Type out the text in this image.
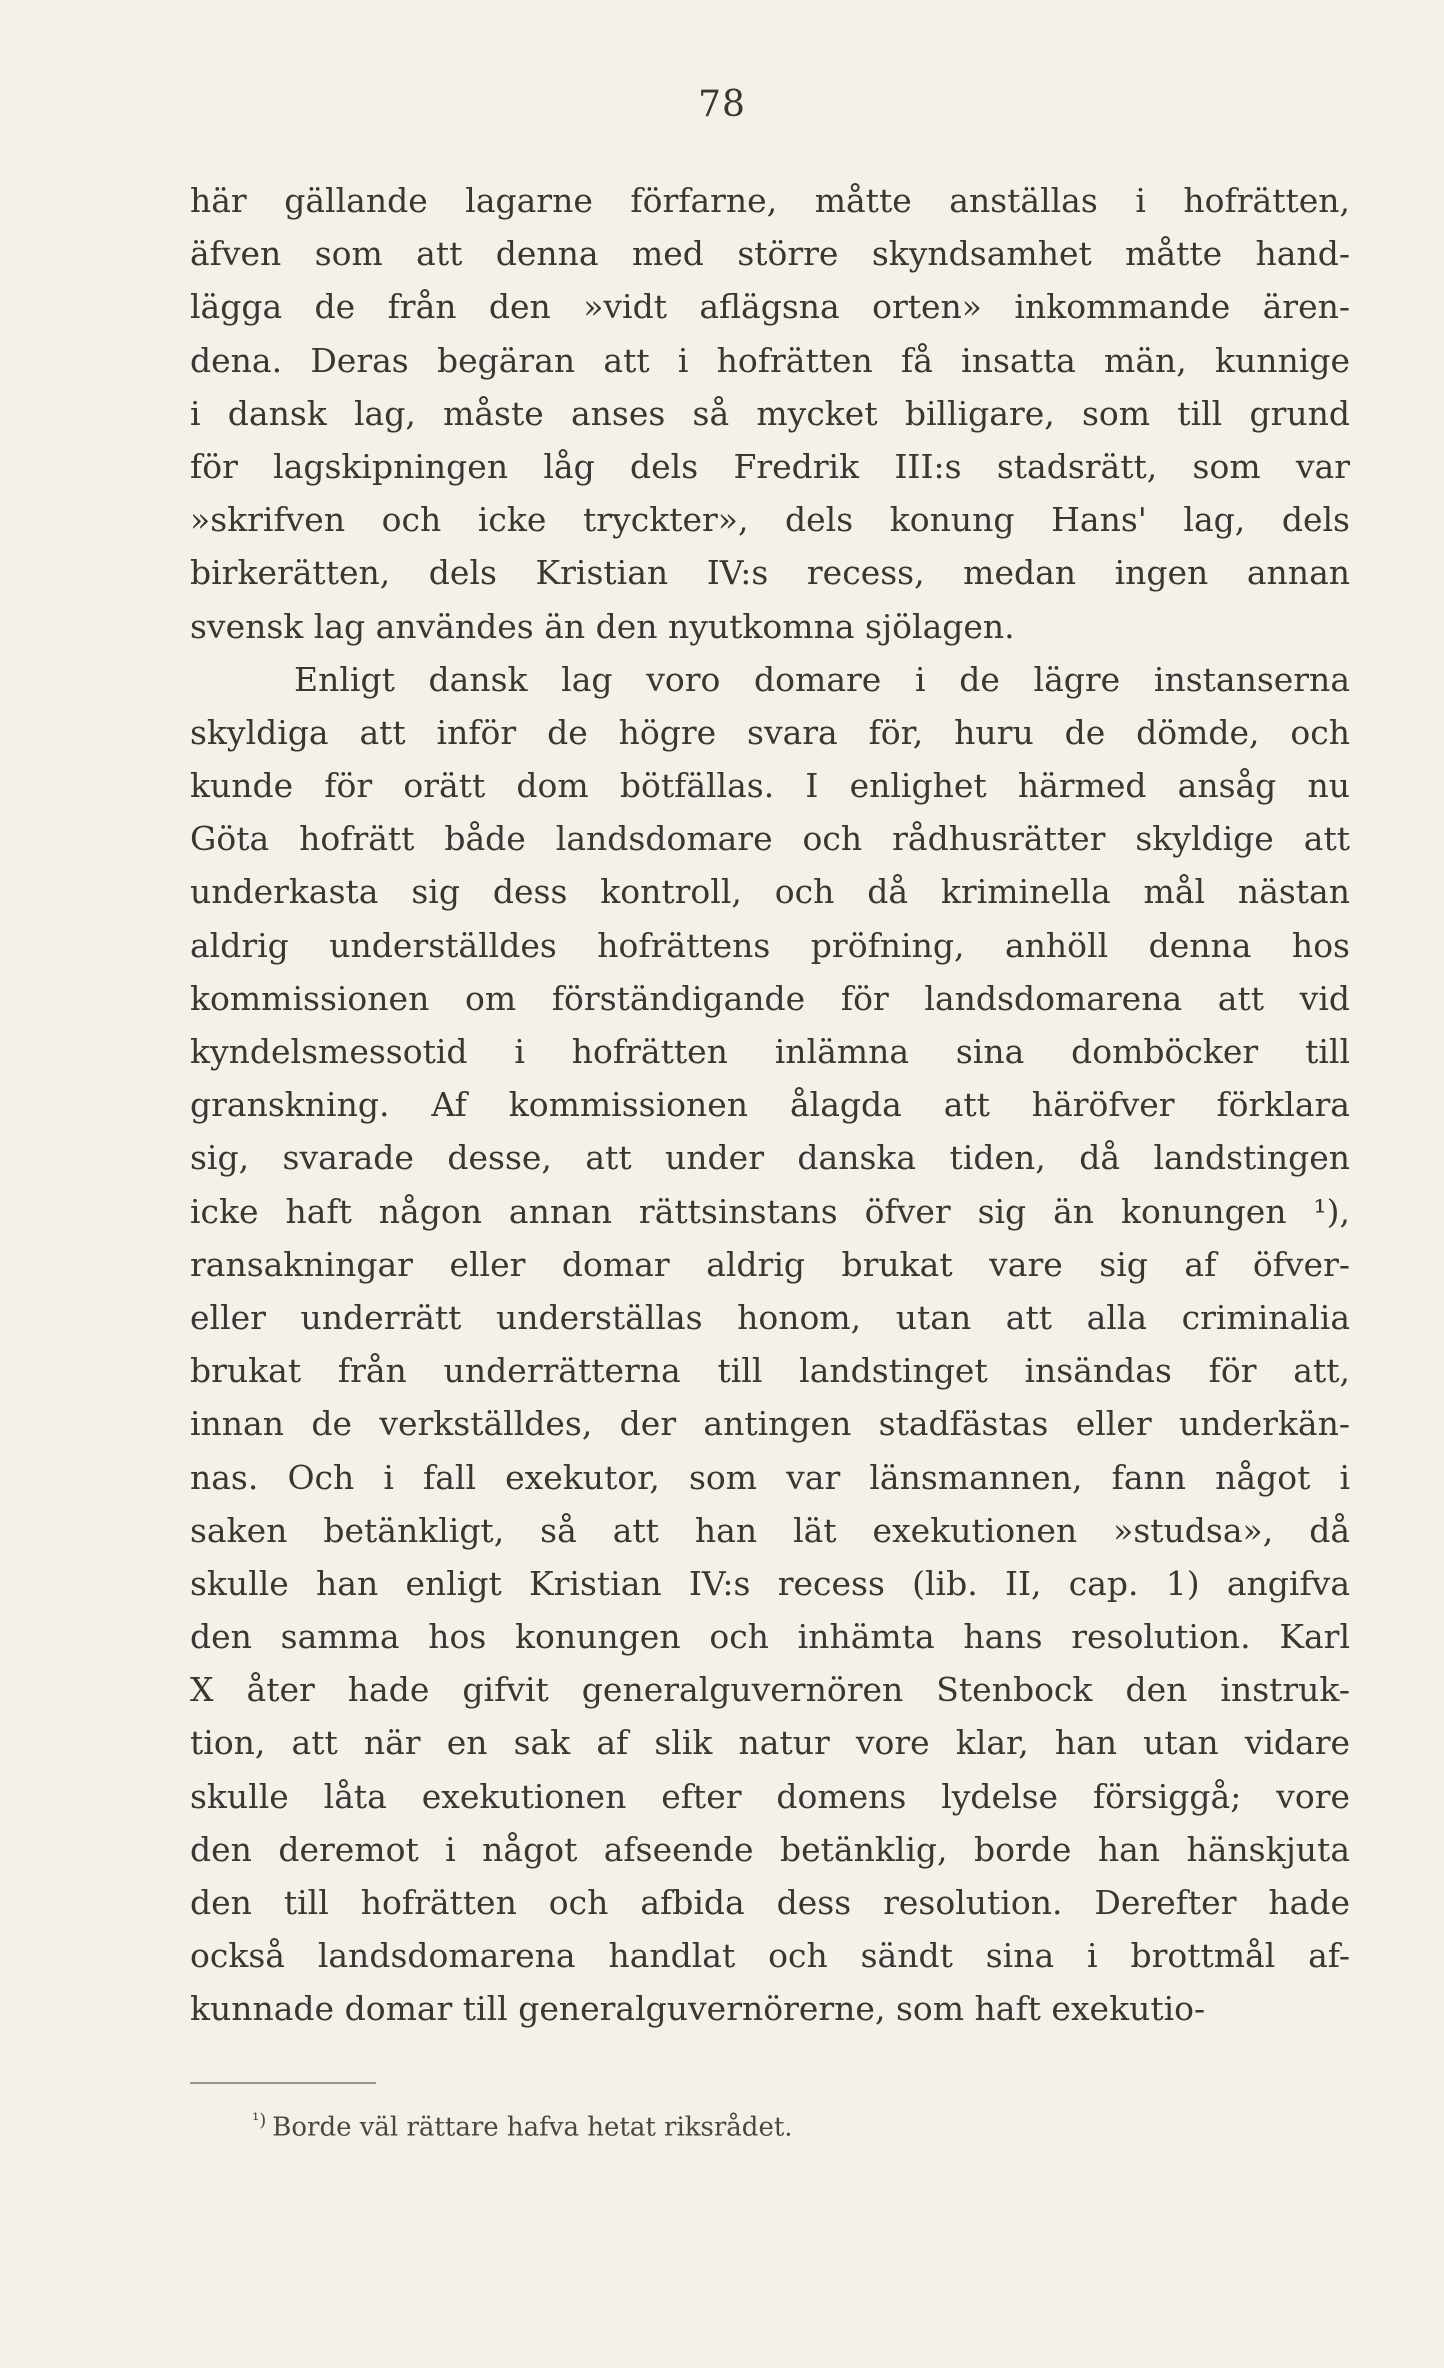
78
här gällande lagarne förfarne, måtte anställas i hofrätten,
äfven som att denna med större skyndsamhet måtte hand-
lägga de från den »vidt aflägsna orten» inkommande ären-
dena. Deras begäran att i hofrätten få insatta män, kunnige
i dansk lag, måste anses så mycket billigare, som till grund
för lagskipningen låg dels Fredrik III:s stadsrätt, som var
»skrifven och icke tryckter», dels konung Hans' lag, dels
birkerätten, dels Kristian IV:s recess, medan ingen annan
svensk lag användes än den nyutkomna sjölagen.
Enligt dansk lag voro domare i de lägre instanserna
skyldiga att inför de högre svara för, huru de dömde, och
kunde för orätt dom bötfällas. I enlighet härmed ansåg nu
Göta hofrätt både landsdomare och rådhusrätter skyldige att
underkasta sig dess kontroll, och då kriminella mål nästan
aldrig underställdes hofrättens pröfning, anhöll denna hos
kommissionen om förständigande för landsdomarena att vid
kyndelsmessotid i hofrätten inlämna sina domböcker till
granskning. Af kommissionen ålagda att häröfver förklara
sig, svarade desse, att under danska tiden, då landstingen
icke haft någon annan rättsinstans öfver sig än konungen ¹),
ransakningar eller domar aldrig brukat vare sig af öfver-
eller underrätt underställas honom, utan att alla criminalia
brukat från underrätterna till landstinget insändas för att,
innan de verkställdes, der antingen stadfästas eller underkän-
nas. Och i fall exekutor, som var länsmannen, fann något i
saken betänkligt, så att han lät exekutionen »studsa», då
skulle han enligt Kristian IV:s recess (lib. II, cap. 1) angifva
den samma hos konungen och inhämta hans resolution. Karl
X åter hade gifvit generalguvernören Stenbock den instruk-
tion, att när en sak af slik natur vore klar, han utan vidare
skulle låta exekutionen efter domens lydelse försiggå; vore
den deremot i något afseende betänklig, borde han hänskjuta
den till hofrätten och afbida dess resolution. Derefter hade
också landsdomarena handlat och sändt sina i brottmål af-
kunnade domar till generalguvernörerne, som haft exekutio-
$^{^1)}$ Borde väl rättare hafva hetat riksrådet.
